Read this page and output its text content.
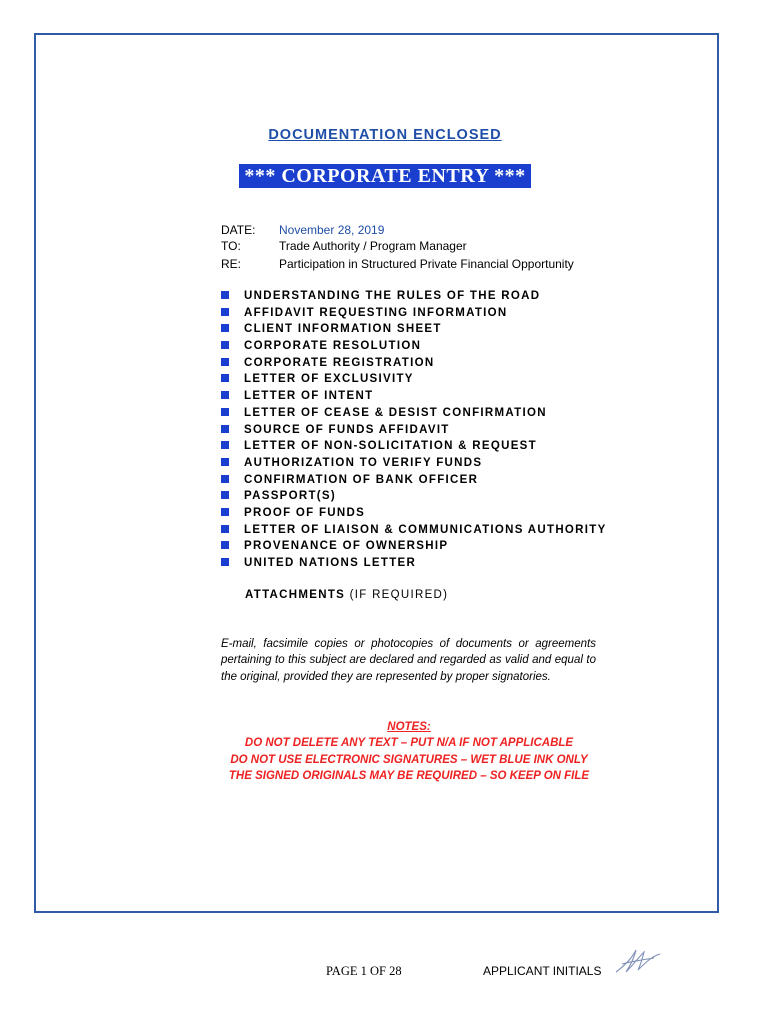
DOCUMENTATION ENCLOSED
*** CORPORATE ENTRY ***
DATE: November 28, 2019
TO:	Trade Authority / Program Manager
RE:	Participation in Structured Private Financial Opportunity
UNDERSTANDING THE RULES OF THE ROAD
AFFIDAVIT REQUESTING INFORMATION
CLIENT INFORMATION SHEET
CORPORATE RESOLUTION
CORPORATE REGISTRATION
LETTER OF EXCLUSIVITY
LETTER OF INTENT
LETTER OF CEASE & DESIST CONFIRMATION
SOURCE OF FUNDS AFFIDAVIT
LETTER OF NON-SOLICITATION & REQUEST
AUTHORIZATION TO VERIFY FUNDS
CONFIRMATION OF BANK OFFICER
PASSPORT(S)
PROOF OF FUNDS
LETTER OF LIAISON & COMMUNICATIONS AUTHORITY
PROVENANCE OF OWNERSHIP
UNITED NATIONS LETTER
ATTACHMENTS (IF REQUIRED)
E-mail, facsimile copies or photocopies of documents or agreements pertaining to this subject are declared and regarded as valid and equal to the original, provided they are represented by proper signatories.
NOTES:
DO NOT DELETE ANY TEXT – PUT N/A IF NOT APPLICABLE
DO NOT USE ELECTRONIC SIGNATURES – WET BLUE INK ONLY
THE SIGNED ORIGINALS MAY BE REQUIRED – SO KEEP ON FILE
PAGE 1 OF 28	APPLICANT INITIALS
